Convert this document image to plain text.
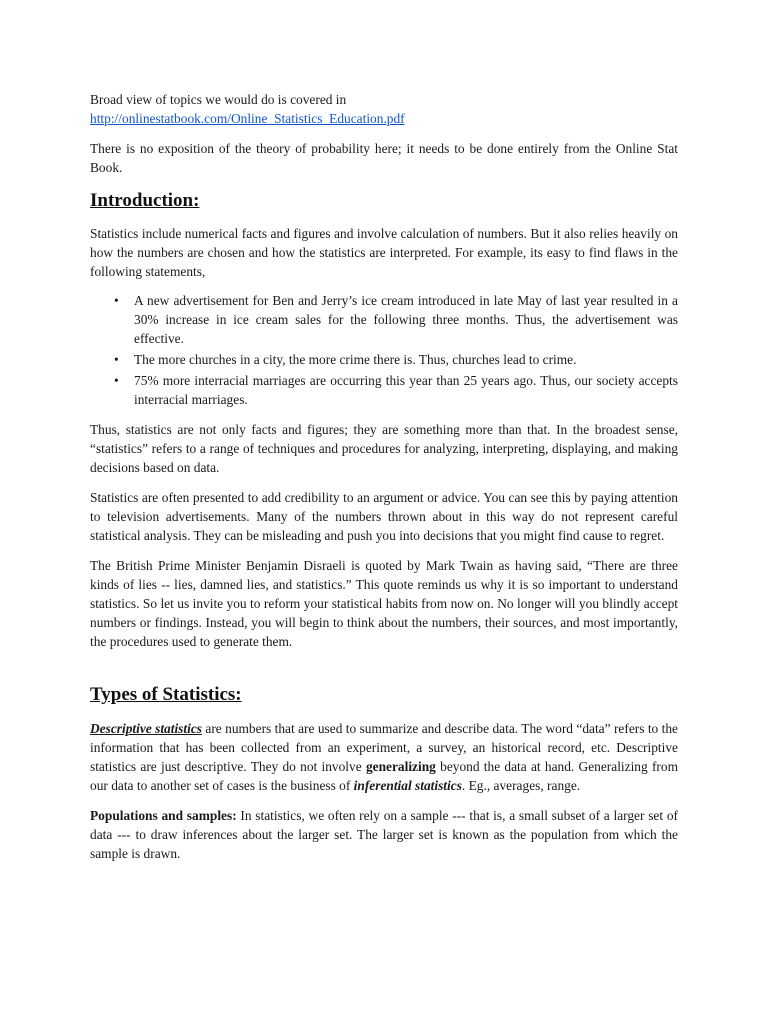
Broad view of topics we would do is covered in
http://onlinestatbook.com/Online_Statistics_Education.pdf

There is no exposition of the theory of probability here; it needs to be done entirely from the Online Stat Book.

Introduction:

Statistics include numerical facts and figures and involve calculation of numbers. But it also relies heavily on how the numbers are chosen and how the statistics are interpreted. For example, its easy to find flaws in the following statements,

• A new advertisement for Ben and Jerry’s ice cream introduced in late May of last year resulted in a 30% increase in ice cream sales for the following three months. Thus, the advertisement was effective.
• The more churches in a city, the more crime there is. Thus, churches lead to crime.
• 75% more interracial marriages are occurring this year than 25 years ago. Thus, our society accepts interracial marriages.

Thus, statistics are not only facts and figures; they are something more than that. In the broadest sense, “statistics” refers to a range of techniques and procedures for analyzing, interpreting, displaying, and making decisions based on data.

Statistics are often presented to add credibility to an argument or advice. You can see this by paying attention to television advertisements. Many of the numbers thrown about in this way do not represent careful statistical analysis. They can be misleading and push you into decisions that you might find cause to regret.

The British Prime Minister Benjamin Disraeli is quoted by Mark Twain as having said, “There are three kinds of lies -- lies, damned lies, and statistics.” This quote reminds us why it is so important to understand statistics. So let us invite you to reform your statistical habits from now on. No longer will you blindly accept numbers or findings. Instead, you will begin to think about the numbers, their sources, and most importantly, the procedures used to generate them.

Types of Statistics:

Descriptive statistics are numbers that are used to summarize and describe data. The word “data” refers to the information that has been collected from an experiment, a survey, an historical record, etc. Descriptive statistics are just descriptive. They do not involve generalizing beyond the data at hand. Generalizing from our data to another set of cases is the business of inferential statistics. Eg., averages, range.

Populations and samples: In statistics, we often rely on a sample --- that is, a small subset of a larger set of data --- to draw inferences about the larger set. The larger set is known as the population from which the sample is drawn.
